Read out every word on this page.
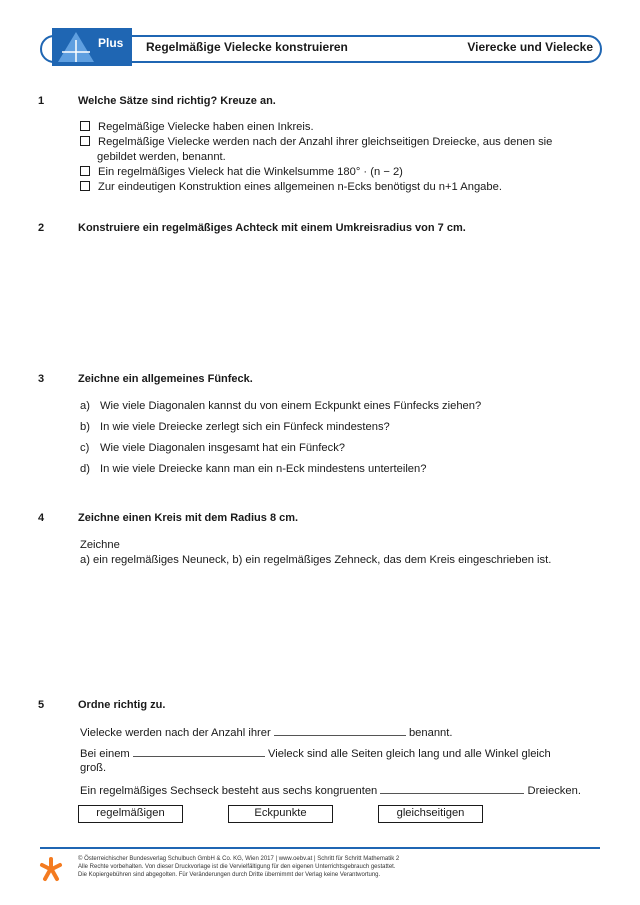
Plus Regelmäßige Vielecke konstruieren	Vierecke und Vielecke
1	Welche Sätze sind richtig? Kreuze an.
Regelmäßige Vielecke haben einen Inkreis.
Regelmäßige Vielecke werden nach der Anzahl ihrer gleichseitigen Dreiecke, aus denen sie
gebildet werden, benannt.
Ein regelmäßiges Vieleck hat die Winkelsumme 180° · (n − 2)
Zur eindeutigen Konstruktion eines allgemeinen n-Ecks benötigst du n+1 Angabe.
2	Konstruiere ein regelmäßiges Achteck mit einem Umkreisradius von 7 cm.
3	Zeichne ein allgemeines Fünfeck.
a) Wie viele Diagonalen kannst du von einem Eckpunkt eines Fünfecks ziehen?
b) In wie viele Dreiecke zerlegt sich ein Fünfeck mindestens?
c) Wie viele Diagonalen insgesamt hat ein Fünfeck?
d) In wie viele Dreiecke kann man ein n-Eck mindestens unterteilen?
4	Zeichne einen Kreis mit dem Radius 8 cm.
Zeichne
a) ein regelmäßiges Neuneck, b) ein regelmäßiges Zehneck, das dem Kreis eingeschrieben ist.
5	Ordne richtig zu.
Vielecke werden nach der Anzahl ihrer	benannt.
Bei einem	Vieleck sind alle Seiten gleich lang und alle Winkel gleich
groß.
Ein regelmäßiges Sechseck besteht aus sechs kongruenten	Dreiecken.
regelmäßigen	Eckpunkte	gleichseitigen
© Österreichischer Bundesverlag Schulbuch GmbH & Co. KG, Wien 2017 | www.oebv.at | Schritt für Schritt Mathematik 2
Alle Rechte vorbehalten. Von dieser Druckvorlage ist die Vervielfältigung für den eigenen Unterrichtsgebrauch gestattet.
Die Kopiergebühren sind abgegolten. Für Veränderungen durch Dritte übernimmt der Verlag keine Verantwortung.
